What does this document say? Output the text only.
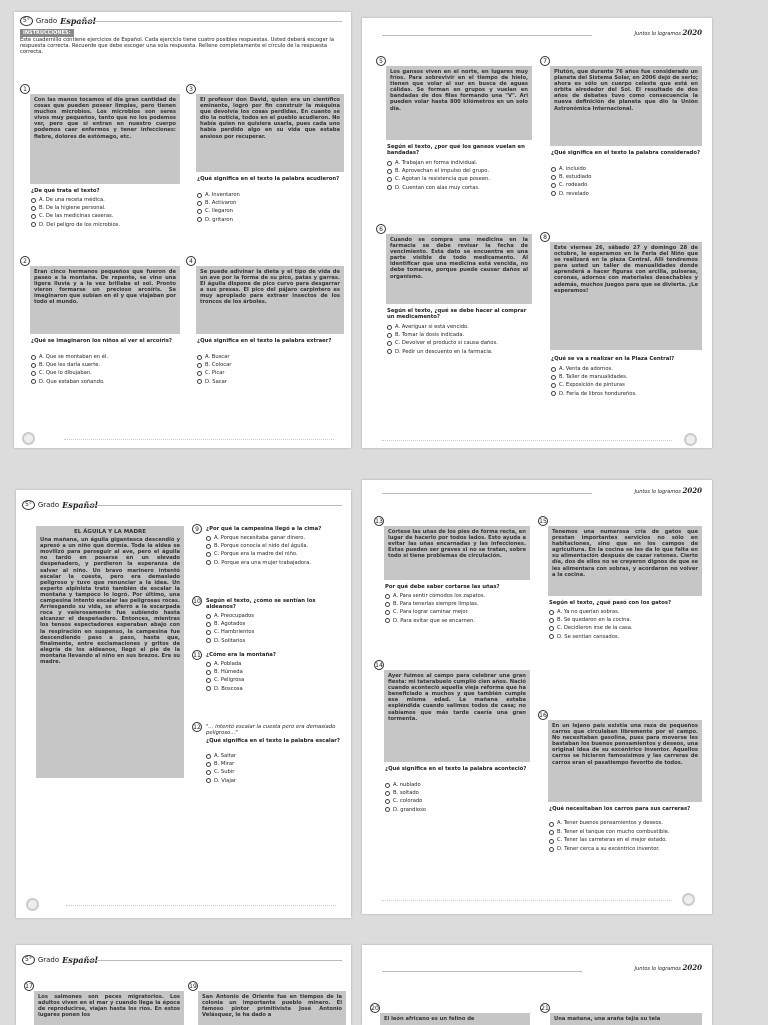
5° Grado Español
INSTRUCCIONES:
Este cuadernillo contiene ejercicios de Español. Cada ejercicio tiene cuatro posibles respuestas. Usted deberá escoger la respuesta correcta. Recuerde que debe escoger una sola respuesta. Rellene completamente el círculo de la respuesta correcta.
1
Con las manos tocamos el día gran cantidad de cosas que pueden poseer limpias, pero tienen muchos microbios. Los microbios son seres vivos muy pequeños, tanto que no los podemos ver, pero que si entran en nuestro cuerpo podemos caer enfermos y tener infecciones: fiebre, dolores de estómago, etc.
¿De qué trata el texto?
A. De una receta médica.
B. De la higiene personal.
C. De las medicinas caseras.
D. Del peligro de los microbios.
3
El profesor don David, quien era un científico eminente, logró por fin construir la máquina que devolvía los cosas perdidas. En cuanto se dio la noticia, todos en el pueblo acudieron. No había quien no quisiera usarla, pues cada uno había perdido algo en su vida que estaba ansioso por recuperar.
¿Qué significa en el texto la palabra acudieron?
A. Inventaron
B. Activaron
C. llegaron
D. gritaron
2
Eran cinco hermanos pequeños que fueron de paseo a la montaña. De repente, se vino una ligera lluvia y a la vez brillaba el sol. Pronto vieron formarse un precioso arcoíris. Se imaginaron que subían en él y que viajaban por todo el mundo.
¿Qué se imaginaron los niños al ver el arcoíris?
A. Que se montaban en él.
B. Que les daría suerte.
C. Que lo dibujaban.
D. Que estaban soñando.
4
Se puede adivinar la dieta y el tipo de vida de un ave por la forma de su pico, patas y garras. El águila dispone de pico curvo para desgarrar a sus presas. El pico del pájaro carpintero es muy apropiado para extraer insectos de los troncos de los árboles.
¿Qué significa en el texto la palabra extraer?
A. Buscar
B. Colocar
C. Picar
D. Sacar
Juntos lo logramos 2020
5
Los gansos viven en el norte, en lugares muy fríos. Para sobrevivir en el tiempo de hielo, tienen que volar al sur en busca de aguas cálidas. Se forman en grupos y vuelan en bandadas de dos filas formando una "V". Ari pueden volar hasta 800 kilómetros en un solo día.
Según el texto, ¿por qué los gansos vuelan en bandadas?
A. Trabajan en forma individual.
B. Aprovechan el impulso del grupo.
C. Agotan la resistencia que poseen.
D. Cuentan con alas muy cortas.
7
Plutón, que durante 76 años fue considerado un planeta del Sistema Solar, en 2006 dejó de serlo; ahora es sólo un cuerpo celeste que está en órbita alrededor del Sol. El resultado de dos años de debates tuvo como consecuencia la nueva definición de planeta que dio la Unión Astronómica Internacional.
¿Qué significa en el texto la palabra considerado?
A. incluido
B. estudiado
C. rodeado
D. revelado
6
Cuando se compra una medicina en la farmacia se debe revisar la fecha de vencimiento. Esta dato se encuentra en una parte visible de todo medicamento. Al identificar que una medicina está vencida, no debe tomarse, porque puede causar daños al organismo.
Según el texto, ¿qué se debe hacer al comprar un medicamento?
A. Averiguar si está vencido.
B. Tomar la dosis indicada.
C. Devolver el producto si causa daños.
D. Pedir un descuento en la farmacia.
8
Este viernes 26, sábado 27 y domingo 28 de octubre, le esperamos en la Feria del Niño que se realizará en la plaza Central. Allí tendremos para usted un taller de manualidades donde aprenderá a hacer figuras con arcilla, pulseras, coronas, adornos con materiales desechables y además, muchos juegos para que se divierta. ¡Le esperamos!
¿Qué se va a realizar en la Plaza Central?
A. Venta de adornos.
B. Taller de manualidades.
C. Exposición de pinturas
D. Feria de libros hondureños.
5° Grado Español
EL ÁGUILA Y LA MADRE
Una mañana, un águila gigantesca descendió y apresó a un niño que dormía. Toda la aldea se movilizó para perseguir al ave, pero el águila no tardó en posarse en un elevado despeñadero, y perdieron la esperanza de salvar al niño. Un bravo marinero intentó escalar la cuesta, pero era demasiado peligroso y tuvo que renunciar a la idea. Un experto alpinista trató también de escalar la montaña y tampoco lo logró. Por último, una campesina intentó escalar las peligrosas rocas. Arriesgando su vida, se aferró a la escarpada roca y valerosamente fue subiendo hasta alcanzar el despeñadero. Entonces, mientras los tensos espectadores esperaban abajo con la respiración en suspenso, la campesina fue descendiendo paso a paso, hasta que, finalmente, entre exclamaciones y gritos de alegría de los aldeanos, llegó al pie de la montaña llevando al niño en sus brazos. Era su madre.
9	¿Por qué la campesina llegó a la cima?
A. Porque necesitaba ganar dinero.
B. Porque conocía el nido del águila.
C. Porque era la madre del niño.
D. Porque era una mujer trabajadora.
10 Según el texto, ¿cómo se sentían los aldeanos?
A. Preocupados
B. Agotados
C. Hambrientos
D. Solitarios
11 ¿Cómo era la montaña?
A. Poblada
B. Húmeda
C. Peligrosa
D. Boscosa
12 "... intentó escalar la cuesta pero era demasiado peligroso..."
¿Qué significa en el texto la palabra escalar?
A. Saltar
B. Mirar
C. Subir
D. Viajar
Juntos lo logramos 2020
13
Córtese las uñas de los pies de forma recta, en lugar de hacerlo por todos lados. Esto ayuda a evitar las uñas encarnadas y las infecciones. Estas pueden ser graves si no se tratan, sobre todo si tiene problemas de circulación.
Por qué debe saber cortarse las uñas?
A. Para sentir cómodos los zapatos.
B. Para tenerlas siempre limpias.
C. Para lograr caminar mejor.
D. Para evitar que se encarnen.
15
Tenemos una numerosa cría de gatos que prestan importantes servicios no sólo en habitaciones, sino que en los campos de agricultura. En la cocina se les da lo que falta en su alimentación después de cazar ratones. Cierto día, dos de ellos no se creyeron dignos de que se les alimentara con sobras, y acordaron no volver a la cocina.
Según el texto, ¿qué pasó con los gatos?
A. Ya no querían sobras.
B. Se quedaron en la cocina.
C. Decidieron irse de la casa.
D. Se sentían cansados.
14
Ayer fuimos al campo para celebrar una gran fiesta: mi tatarabuelo cumplió cien años. Nació cuando aconteció aquella vieja reforma que ha beneficiado a muchos y que también cumple esa misma edad. La mañana estaba espléndida cuando salimos todos de casa; no sabíamos que más tarde caería una gran tormenta.
¿Qué significa en el texto la palabra aconteció?
A. nublado
B. soltado
C. colorado
D. grandioso
16
En un lejano país existía una raza de pequeños carros que circulaban libremente por el campo. No necesitaban gasolina, pues para moverse les bastaban los buenos pensamientos y deseos, una original idea de su excéntrico inventor. Aquellos carros se hicieron famosísimos y las carreras de carros eran el pasatiempo favorito de todos.
¿Qué necesitaban los carros para sus carreras?
A. Tener buenos pensamientos y deseos.
B. Tener el tanque con mucho combustible.
C. Tener las carreteras en el mejor estado.
D. Tener cerca a su excéntrico inventor.
5° Grado Español
17
Los salmones son peces migratorios. Los adultos viven en el mar y cuando llega la época de reproducirse, viajan hasta los ríos. En estos lugares ponen los
19
San Antonio de Oriente fue en tiempos de la colonia un importante pueblo minero. El famoso pintor primitivista José Antonio Velásquez, le ha dado a
Juntos lo logramos 2020
20
El león africano es un felino de
21
Una mañana, una araña tejía su tela
